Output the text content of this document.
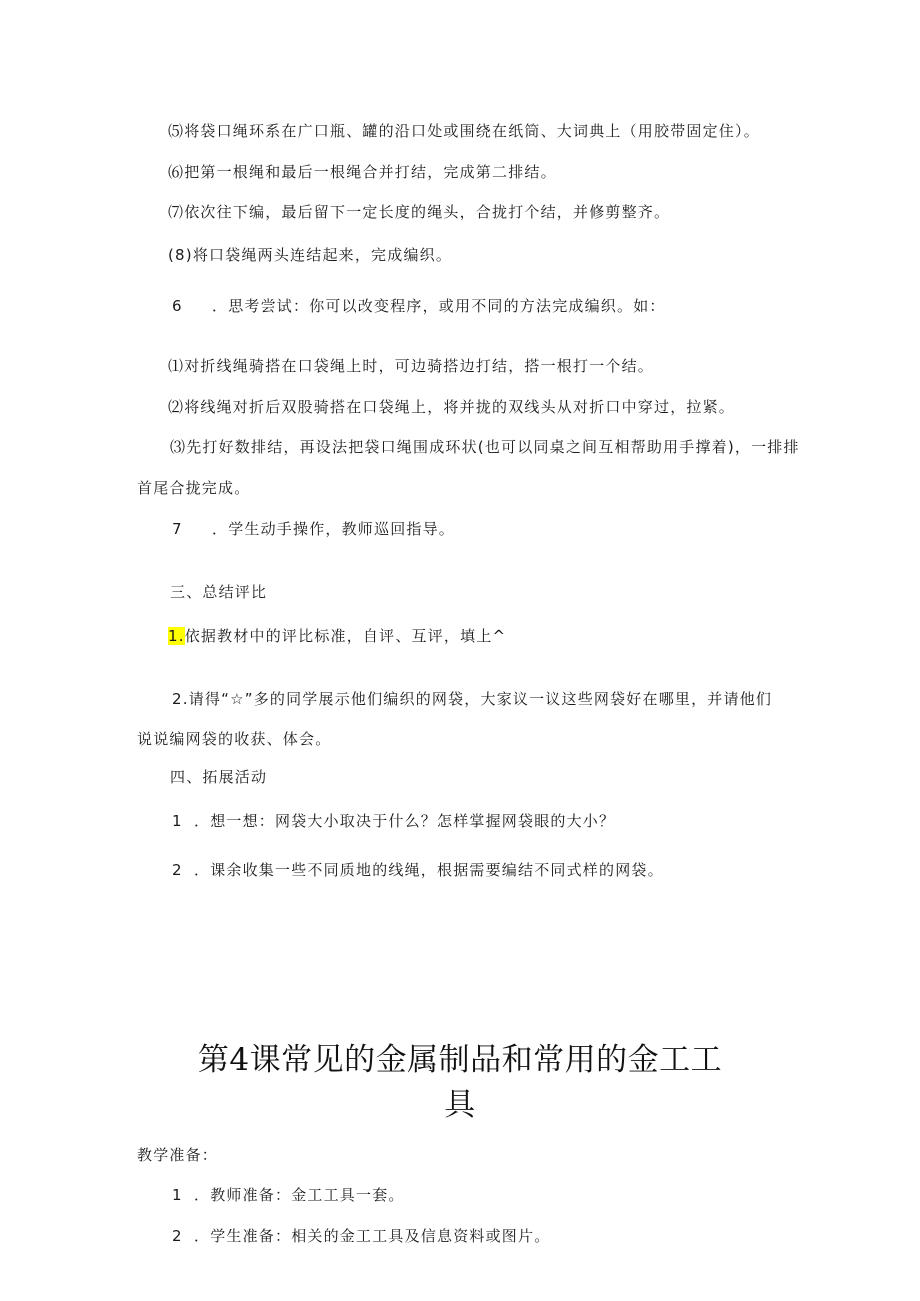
⑸将袋口绳环系在广口瓶、罐的沿口处或围绕在纸筒、大词典上（用胶带固定住）。
⑹把第一根绳和最后一根绳合并打结，完成第二排结。
⑺依次往下编，最后留下一定长度的绳头，合拢打个结，并修剪整齐。
(8)将口袋绳两头连结起来，完成编织。
6 ．思考尝试：你可以改变程序，或用不同的方法完成编织。如：
⑴对折线绳骑搭在口袋绳上时，可边骑搭边打结，搭一根打一个结。
⑵将线绳对折后双股骑搭在口袋绳上，将并拢的双线头从对折口中穿过，拉紧。
⑶先打好数排结，再设法把袋口绳围成环状(也可以同桌之间互相帮助用手撑着)，一排排
首尾合拢完成。
7 ．学生动手操作，教师巡回指导。
三、总结评比
1.依据教材中的评比标准，自评、互评，填上^
2.请得“☆”多的同学展示他们编织的网袋，大家议一议这些网袋好在哪里，并请他们
说说编网袋的收获、体会。
四、拓展活动
1 ．想一想：网袋大小取决于什么？怎样掌握网袋眼的大小？
2 ．课余收集一些不同质地的线绳，根据需要编结不同式样的网袋。
第4课常见的金属制品和常用的金工工
具
教学准备：
1 ．教师准备：金工工具一套。
2 ．学生准备：相关的金工工具及信息资料或图片。
